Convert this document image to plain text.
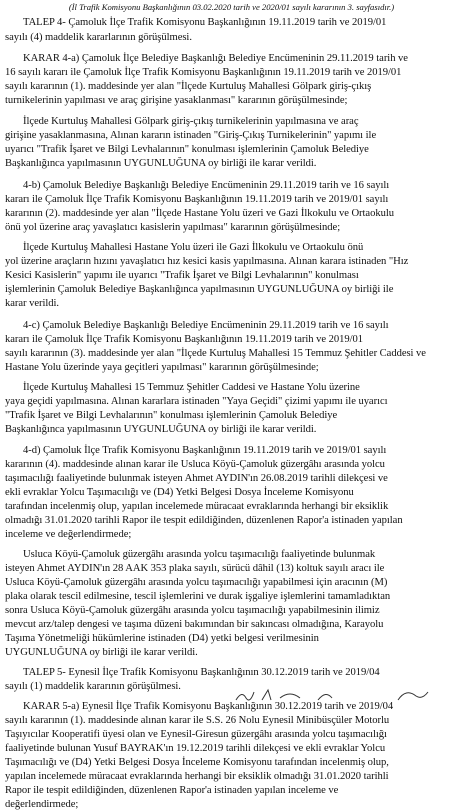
(İl Trafik Komisyonu Başkanlığının 03.02.2020 tarih ve 2020/01 sayılı kararının 3. sayfasıdır.)
TALEP 4- Çamoluk İlçe Trafik Komisyonu Başkanlığının 19.11.2019 tarih ve 2019/01
sayılı (4) maddelik kararlarının görüşülmesi.
KARAR 4-a) Çamoluk İlçe Belediye Başkanlığı Belediye Encümeninin 29.11.2019 tarih ve
16 sayılı kararı ile Çamoluk İlçe Trafik Komisyonu Başkanlığının 19.11.2019 tarih ve 2019/01
sayılı kararının (1). maddesinde yer alan "İlçede Kurtuluş Mahallesi Gölpark giriş-çıkış
turnikelerinin yapılması ve araç girişine yasaklanması" kararının görüşülmesinde;
İlçede Kurtuluş Mahallesi Gölpark giriş-çıkış turnikelerinin yapılmasına ve araç
girişine yasaklanmasına, Alınan kararın istinaden "Giriş-Çıkış Turnikelerinin" yapımı ile
uyarıcı "Trafik İşaret ve Bilgi Levhalarının" konulması işlemlerinin Çamoluk Belediye
Başkanlığınca yapılmasının UYGUNLUĞUNA oy birliği ile karar verildi.
4-b) Çamoluk Belediye Başkanlığı Belediye Encümeninin 29.11.2019 tarih ve 16 sayılı
kararı ile Çamoluk İlçe Trafik Komisyonu Başkanlığının 19.11.2019 tarih ve 2019/01 sayılı
kararının (2). maddesinde yer alan "İlçede Hastane Yolu üzeri ve Gazi İlkokulu ve Ortaokulu
önü yol üzerine araç yavaşlatıcı kasislerin yapılması" kararının görüşülmesinde;
İlçede Kurtuluş Mahallesi Hastane Yolu üzeri ile Gazi İlkokulu ve Ortaokulu önü
yol üzerine araçların hızını yavaşlatıcı hız kesici kasis yapılmasına. Alınan karara istinaden "Hız
Kesici Kasislerin" yapımı ile uyarıcı "Trafik İşaret ve Bilgi Levhalarının" konulması
işlemlerinin Çamoluk Belediye Başkanlığınca yapılmasının UYGUNLUĞUNA oy birliği ile
karar verildi.
4-c) Çamoluk Belediye Başkanlığı Belediye Encümeninin 29.11.2019 tarih ve 16 sayılı
kararı ile Çamoluk İlçe Trafik Komisyonu Başkanlığının 19.11.2019 tarih ve 2019/01
sayılı kararının (3). maddesinde yer alan "İlçede Kurtuluş Mahallesi 15 Temmuz Şehitler Caddesi ve
Hastane Yolu üzerinde yaya geçitleri yapılması" kararının görüşülmesinde;
İlçede Kurtuluş Mahallesi 15 Temmuz Şehitler Caddesi ve Hastane Yolu üzerine
yaya geçidi yapılmasına. Alınan kararlara istinaden "Yaya Geçidi" çizimi yapımı ile uyarıcı
"Trafik İşaret ve Bilgi Levhalarının" konulması işlemlerinin Çamoluk Belediye
Başkanlığınca yapılmasının UYGUNLUĞUNA oy birliği ile karar verildi.
4-d) Çamoluk İlçe Trafik Komisyonu Başkanlığının 19.11.2019 tarih ve 2019/01 sayılı
kararının (4). maddesinde alınan karar ile Usluca Köyü-Çamoluk güzergâhı arasında yolcu
taşımacılığı faaliyetinde bulunmak isteyen Ahmet AYDIN'ın 26.08.2019 tarihli dilekçesi ve
ekli evraklar Yolcu Taşımacılığı ve (D4) Yetki Belgesi Dosya İnceleme Komisyonu
tarafından incelenmiş olup, yapılan incelemede müracaat evraklarında herhangi bir eksiklik
olmadığı 31.01.2020 tarihli Rapor ile tespit edildiğinden, düzenlenen Rapor'a istinaden yapılan
inceleme ve değerlendirmede;
Usluca Köyü-Çamoluk güzergâhı arasında yolcu taşımacılığı faaliyetinde bulunmak
isteyen Ahmet AYDIN'ın 28 AAK 353 plaka sayılı, sürücü dâhil (13) koltuk sayılı aracı ile
Usluca Köyü-Çamoluk güzergâhı arasında yolcu taşımacılığı yapabilmesi için aracının (M)
plaka olarak tescil edilmesine, tescil işlemlerini ve durak işgaliye işlemlerini tamamladıktan
sonra Usluca Köyü-Çamoluk güzergâhı arasında yolcu taşımacılığı yapabilmesinin ilimiz
mevcut arz/talep dengesi ve taşıma düzeni bakımından bir sakıncası olmadığına, Karayolu
Taşıma Yönetmeliği hükümlerine istinaden (D4) yetki belgesi verilmesinin
UYGUNLUĞUNA oy birliği ile karar verildi.
TALEP 5- Eynesil İlçe Trafik Komisyonu Başkanlığının 30.12.2019 tarih ve 2019/04
sayılı (1) maddelik kararının görüşülmesi.
KARAR 5-a) Eynesil İlçe Trafik Komisyonu Başkanlığının 30.12.2019 tarih ve 2019/04
sayılı kararının (1). maddesinde alınan karar ile S.S. 26 Nolu Eynesil Minibüsçüler Motorlu
Taşıyıcılar Kooperatifi üyesi olan ve Eynesil-Giresun güzergâhı arasında yolcu taşımacılığı
faaliyetinde bulunan Yusuf BAYRAK'ın 19.12.2019 tarihli dilekçesi ve ekli evraklar Yolcu
Taşımacılığı ve (D4) Yetki Belgesi Dosya İnceleme Komisyonu tarafından incelenmiş olup,
yapılan incelemede müracaat evraklarında herhangi bir eksiklik olmadığı 31.01.2020 tarihli
Rapor ile tespit edildiğinden, düzenlenen Rapor'a istinaden yapılan inceleme ve
değerlendirmede;
